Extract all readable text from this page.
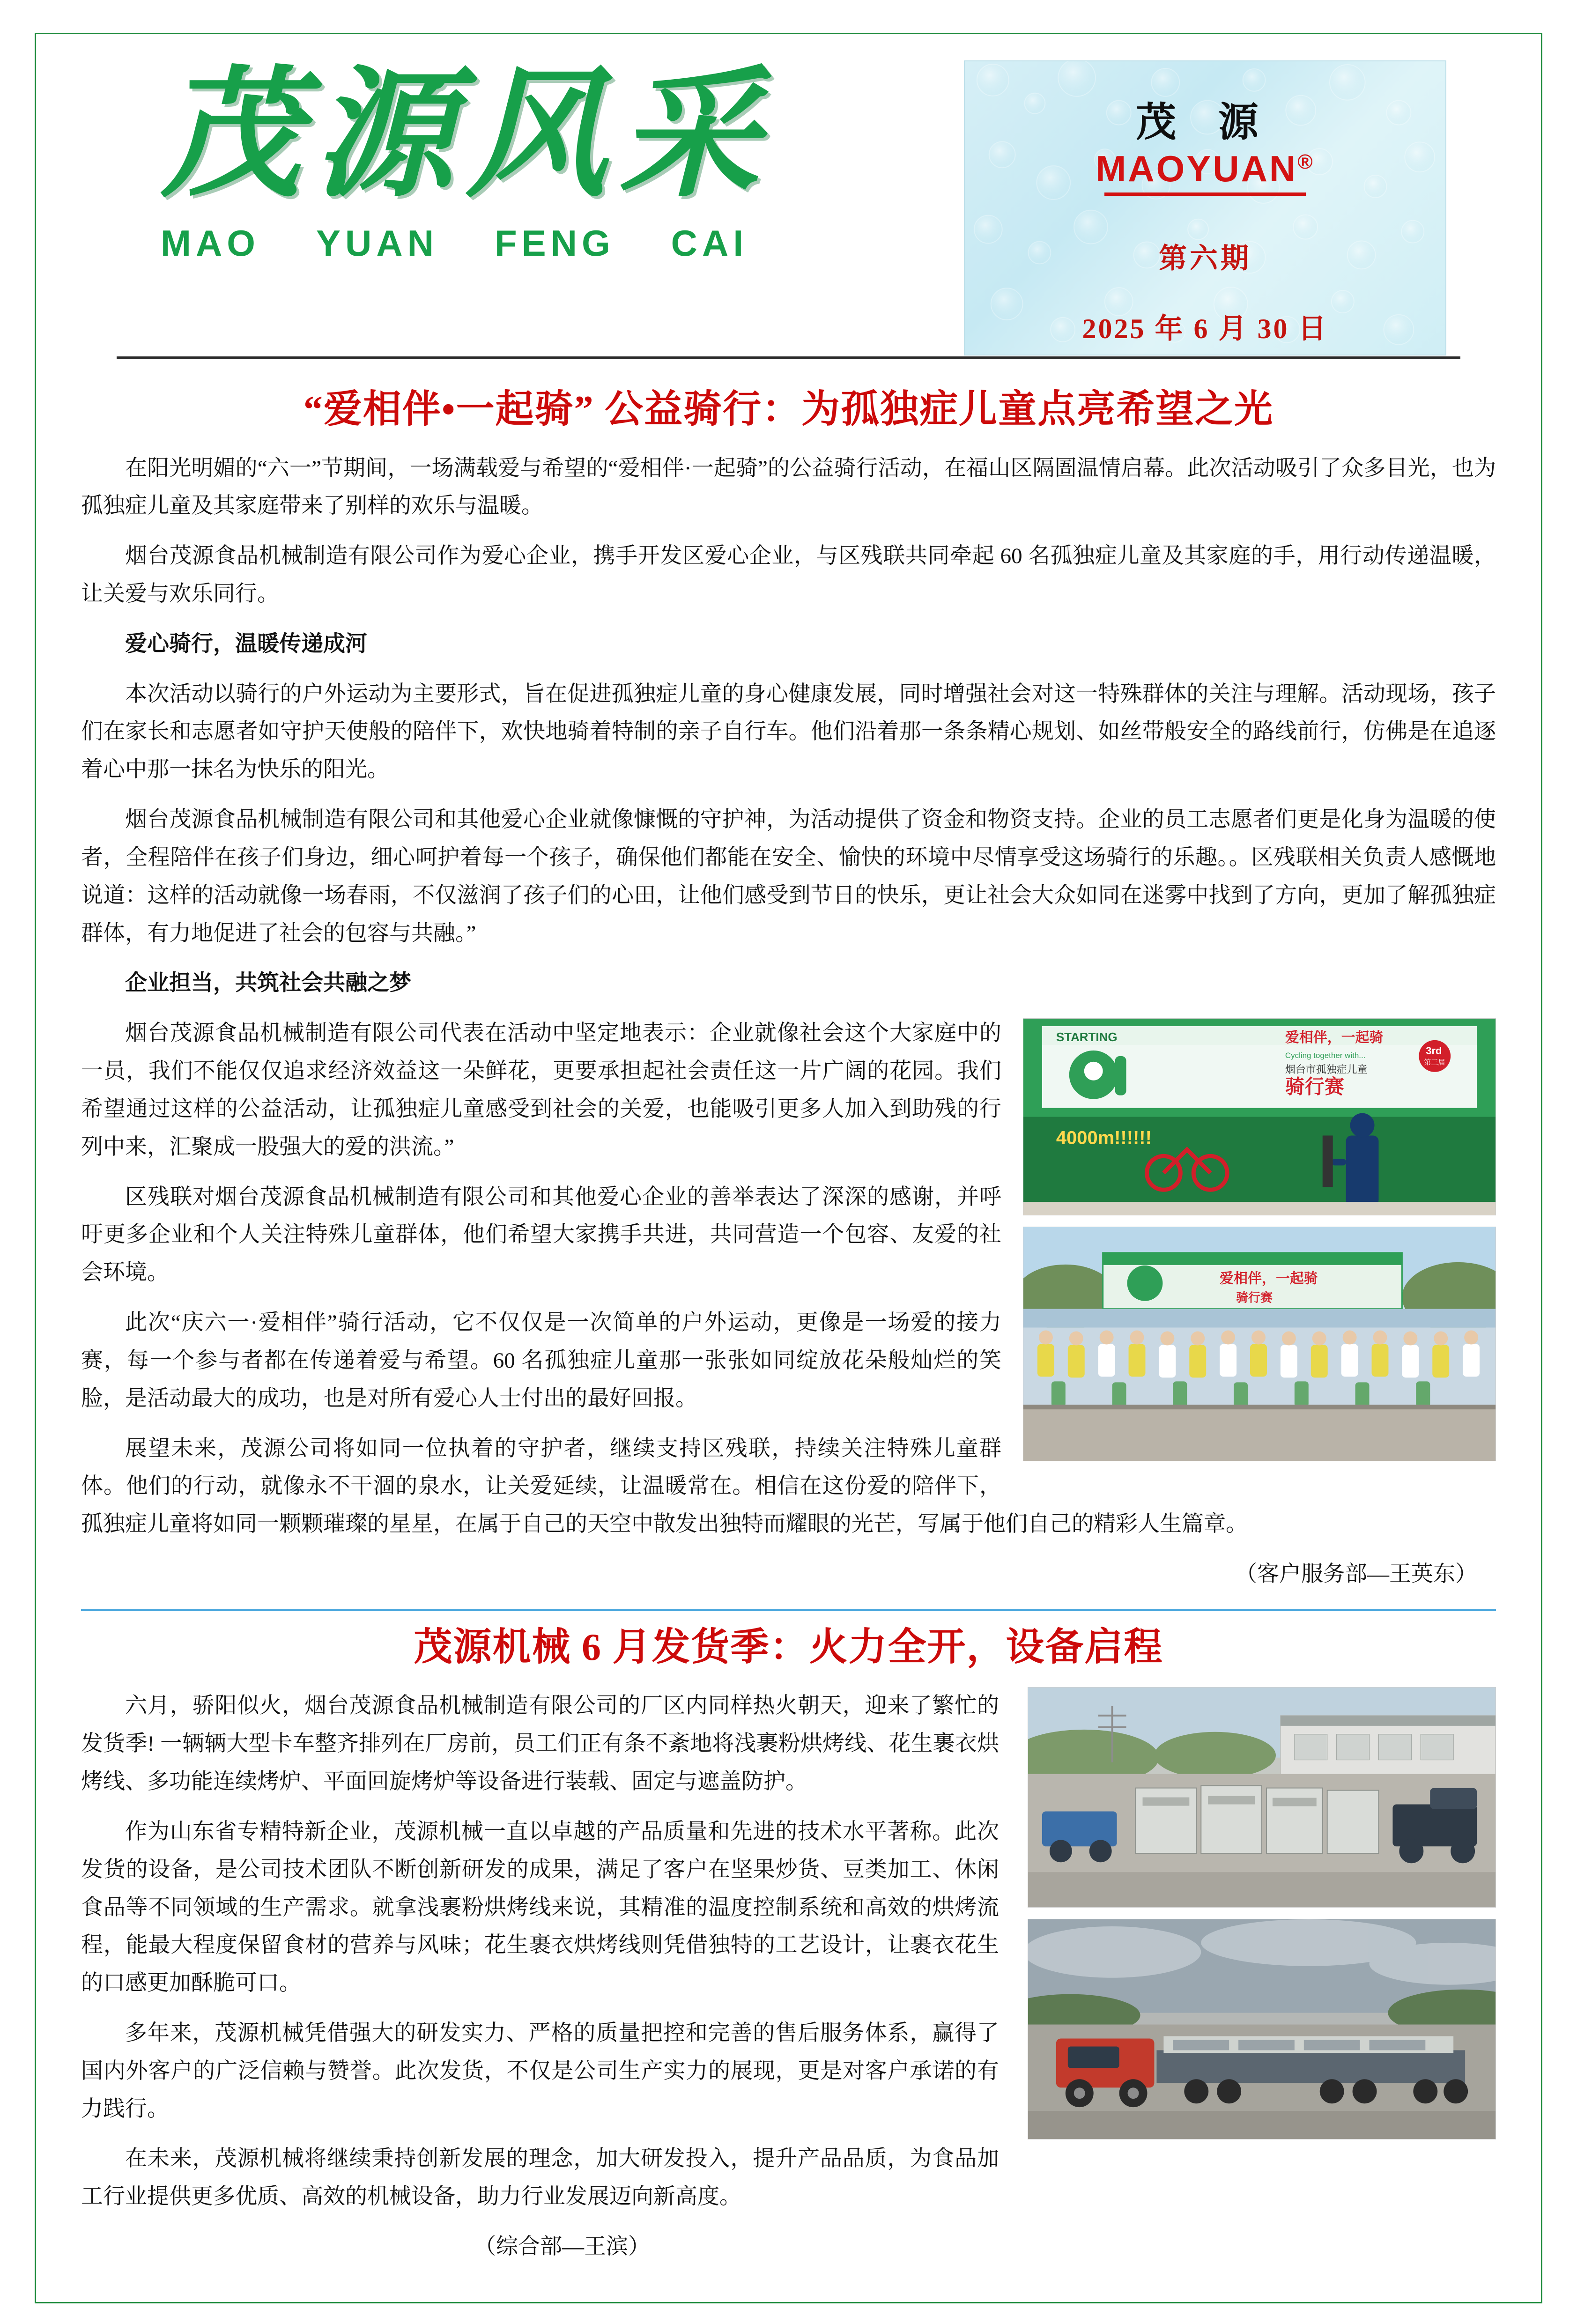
茂源风采
MAO YUAN FENG CAI
茂 源
MAOYUAN®
第六期
2025 年 6 月 30 日
“爱相伴•一起骑” 公益骑行：为孤独症儿童点亮希望之光

在阳光明媚的“六一”节期间，一场满载爱与希望的“爱相伴·一起骑”的公益骑行活动，在福山区隔圄温情启幕。此次活动吸引了众多目光，也为孤独症儿童及其家庭带来了别样的欢乐与温暖。

烟台茂源食品机械制造有限公司作为爱心企业，携手开发区爱心企业，与区残联共同牵起 60 名孤独症儿童及其家庭的手，用行动传递温暖，让关爱与欢乐同行。

爱心骑行，温暖传递成河

本次活动以骑行的户外运动为主要形式，旨在促进孤独症儿童的身心健康发展，同时增强社会对这一特殊群体的关注与理解。活动现场，孩子们在家长和志愿者如守护天使般的陪伴下，欢快地骑着特制的亲子自行车。他们沿着那一条条精心规划、如丝带般安全的路线前行，仿佛是在追逐着心中那一抹名为快乐的阳光。

烟台茂源食品机械制造有限公司和其他爱心企业就像慷慨的守护神，为活动提供了资金和物资支持。企业的员工志愿者们更是化身为温暖的使者，全程陪伴在孩子们身边，细心呵护着每一个孩子，确保他们都能在安全、愉快的环境中尽情享受这场骑行的乐趣。。区残联相关负责人感慨地说道：这样的活动就像一场春雨，不仅滋润了孩子们的心田，让他们感受到节日的快乐，更让社会大众如同在迷雾中找到了方向，更加了解孤独症群体，有力地促进了社会的包容与共融。”

企业担当，共筑社会共融之梦

STARTING	爱相伴，一起骑
Cycling together with...
烟台市孤独症儿童
骑行赛
3rd
第三届
4000m!!!!!!
爱相伴，一起骑
骑行赛

烟台茂源食品机械制造有限公司代表在活动中坚定地表示：企业就像社会这个大家庭中的一员，我们不能仅仅追求经济效益这一朵鲜花，更要承担起社会责任这一片广阔的花园。我们希望通过这样的公益活动，让孤独症儿童感受到社会的关爱，也能吸引更多人加入到助残的行列中来，汇聚成一股强大的爱的洪流。”

区残联对烟台茂源食品机械制造有限公司和其他爱心企业的善举表达了深深的感谢，并呼吁更多企业和个人关注特殊儿童群体，他们希望大家携手共进，共同营造一个包容、友爱的社会环境。

此次“庆六一·爱相伴”骑行活动，它不仅仅是一次简单的户外运动，更像是一场爱的接力赛，每一个参与者都在传递着爱与希望。60 名孤独症儿童那一张张如同绽放花朵般灿烂的笑脸，是活动最大的成功，也是对所有爱心人士付出的最好回报。

展望未来，茂源公司将如同一位执着的守护者，继续支持区残联，持续关注特殊儿童群体。他们的行动，就像永不干涸的泉水，让关爱延续，让温暖常在。相信在这份爱的陪伴下，孤独症儿童将如同一颗颗璀璨的星星，在属于自己的天空中散发出独特而耀眼的光芒，写属于他们自己的精彩人生篇章。

（客户服务部—王英东）

茂源机械 6 月发货季：火力全开，设备启程

六月，骄阳似火，烟台茂源食品机械制造有限公司的厂区内同样热火朝天，迎来了繁忙的发货季! 一辆辆大型卡车整齐排列在厂房前，员工们正有条不紊地将浅裹粉烘烤线、花生裹衣烘烤线、多功能连续烤炉、平面回旋烤炉等设备进行装载、固定与遮盖防护。

作为山东省专精特新企业，茂源机械一直以卓越的产品质量和先进的技术水平著称。此次发货的设备，是公司技术团队不断创新研发的成果，满足了客户在坚果炒货、豆类加工、休闲食品等不同领域的生产需求。就拿浅裹粉烘烤线来说，其精准的温度控制系统和高效的烘烤流程，能最大程度保留食材的营养与风味；花生裹衣烘烤线则凭借独特的工艺设计，让裹衣花生的口感更加酥脆可口。

多年来，茂源机械凭借强大的研发实力、严格的质量把控和完善的售后服务体系，赢得了国内外客户的广泛信赖与赞誉。此次发货，不仅是公司生产实力的展现，更是对客户承诺的有力践行。

在未来，茂源机械将继续秉持创新发展的理念，加大研发投入，提升产品品质，为食品加工行业提供更多优质、高效的机械设备，助力行业发展迈向新高度。

（综合部—王滨）
